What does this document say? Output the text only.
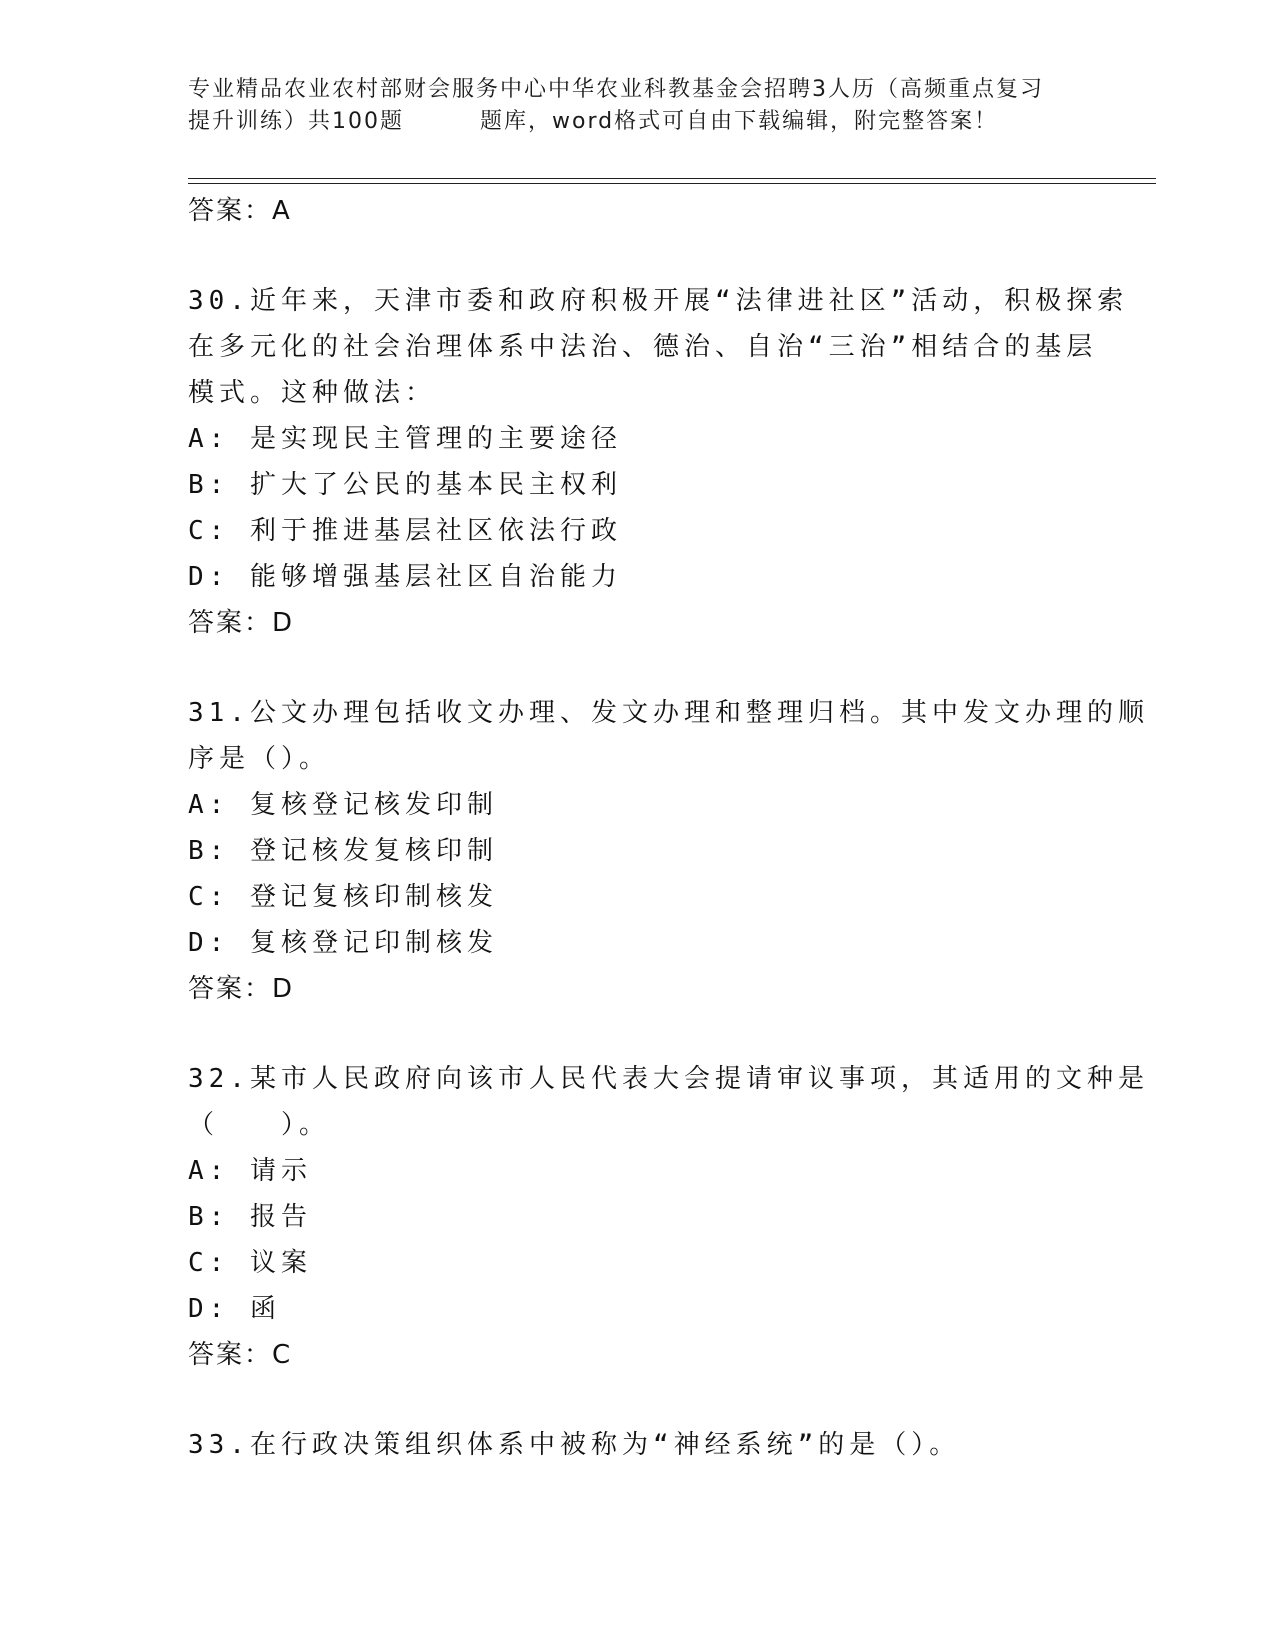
专业精品农业农村部财会服务中心中华农业科教基金会招聘3人历（高频重点复习
提升训练）共100题	题库，word格式可自由下载编辑，附完整答案！
答案：A
30.近年来，天津市委和政府积极开展“法律进社区”活动，积极探索
在多元化的社会治理体系中法治、德治、自治“三治”相结合的基层
模式。这种做法：
A: 是实现民主管理的主要途径
B: 扩大了公民的基本民主权利
C: 利于推进基层社区依法行政
D: 能够增强基层社区自治能力
答案：D
31.公文办理包括收文办理、发文办理和整理归档。其中发文办理的顺
序是（）。
A: 复核登记核发印制
B: 登记核发复核印制
C: 登记复核印制核发
D: 复核登记印制核发
答案：D
32.某市人民政府向该市人民代表大会提请审议事项，其适用的文种是
（　　）。
A: 请示
B: 报告
C: 议案
D: 函
答案：C
33.在行政决策组织体系中被称为“神经系统”的是（）。
